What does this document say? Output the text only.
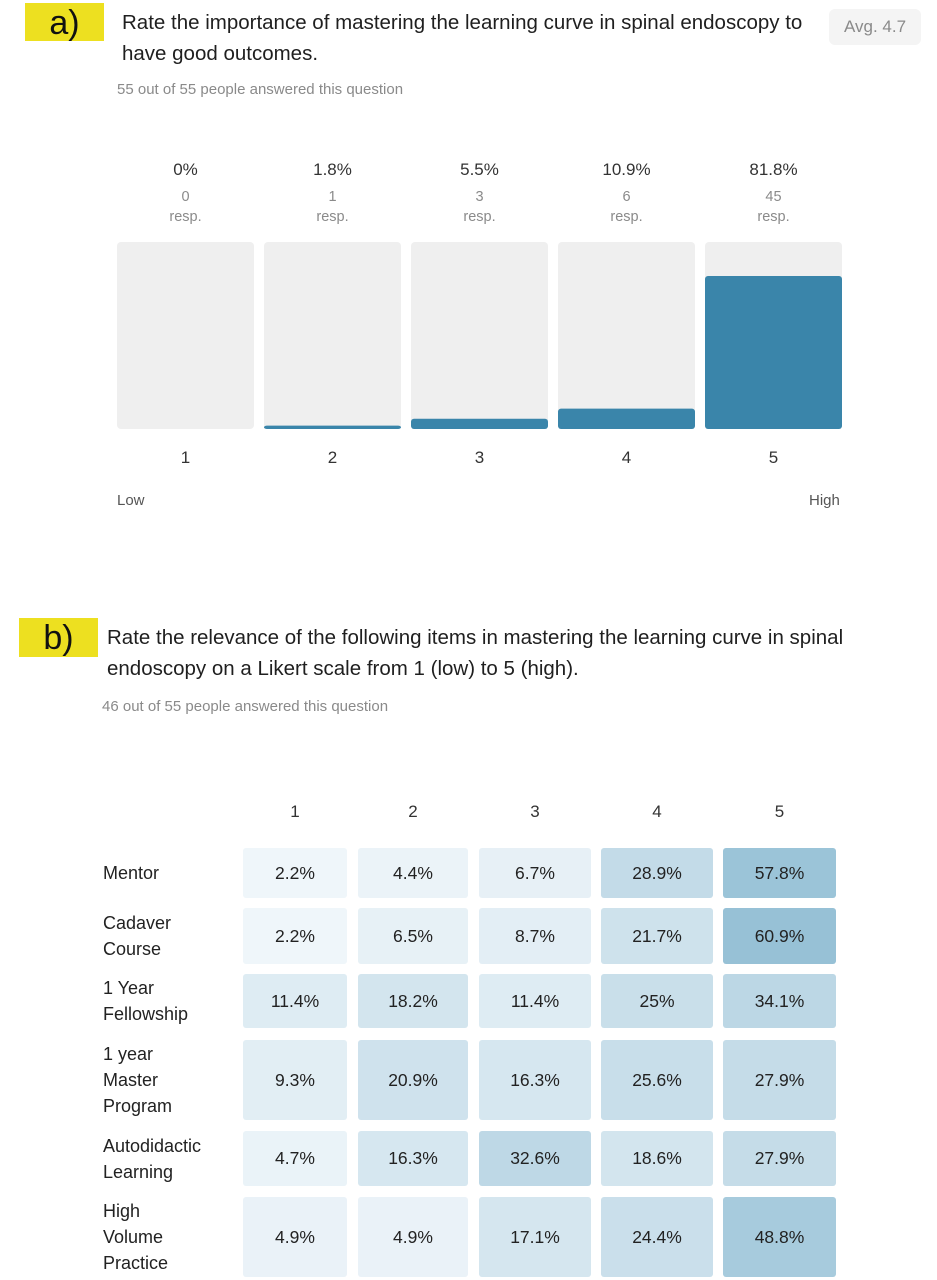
a)	Rate the importance of mastering the learning curve in spinal endoscopy to
have good outcomes.
Avg. 4.7
55 out of 55 people answered this question
0%
0
resp.
1
1.8%
1
resp.
2
5.5%
3
resp.
3
10.9%
6
resp.
4
81.8%
45
resp.
5
Low	High
b)	Rate the relevance of the following items in mastering the learning curve in spinal
endoscopy on a Likert scale from 1 (low) to 5 (high).
46 out of 55 people answered this question
1	2	3	4	5
Mentor	2.2%	4.4%	6.7%	28.9%	57.8%
Cadaver
Course
2.2%	6.5%	8.7%	21.7%	60.9%
1 Year
Fellowship
11.4%	18.2%	11.4%	25%	34.1%
1 year
Master
Program
9.3%	20.9%	16.3%	25.6%	27.9%
Autodidactic
Learning
4.7%	16.3%	32.6%	18.6%	27.9%
High
Volume
Practice
4.9%	4.9%	17.1%	24.4%	48.8%
